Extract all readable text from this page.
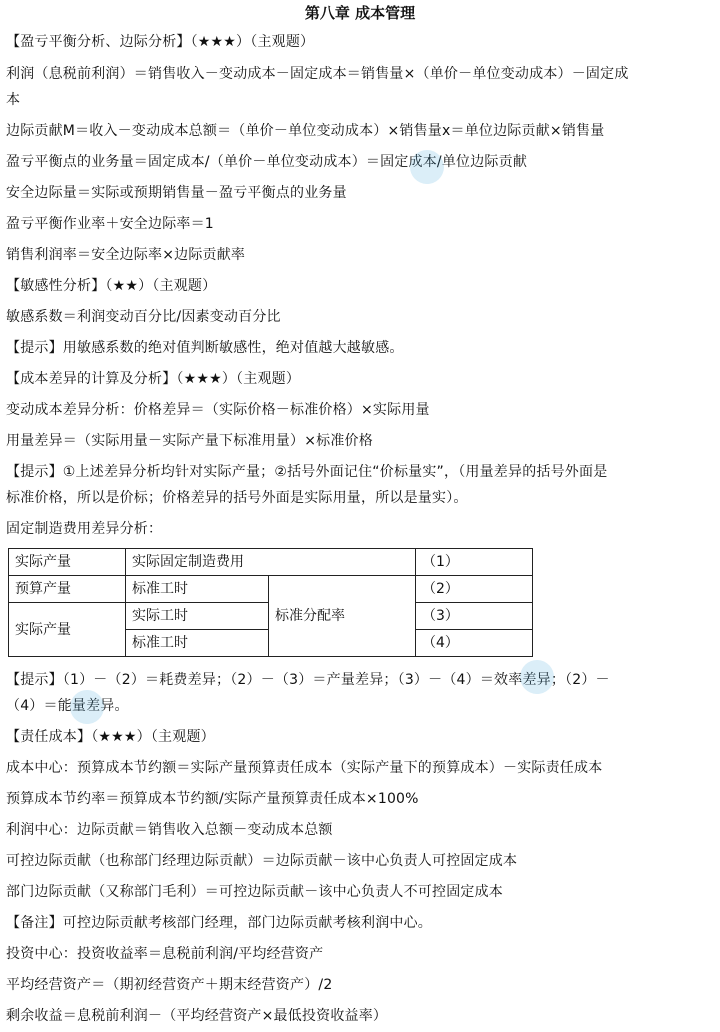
第八章 成本管理
【盈亏平衡分析、边际分析】（★★★）（主观题）
利润（息税前利润）＝销售收入－变动成本－固定成本＝销售量×（单价－单位变动成本）－固定成
本
边际贡献M＝收入－变动成本总额＝（单价－单位变动成本）×销售量x＝单位边际贡献×销售量
盈亏平衡点的业务量＝固定成本/（单价－单位变动成本）＝固定成本/单位边际贡献
安全边际量＝实际或预期销售量－盈亏平衡点的业务量
盈亏平衡作业率＋安全边际率＝1
销售利润率＝安全边际率×边际贡献率
【敏感性分析】（★★）（主观题）
敏感系数＝利润变动百分比/因素变动百分比
【提示】用敏感系数的绝对值判断敏感性，绝对值越大越敏感。
【成本差异的计算及分析】（★★★）（主观题）
变动成本差异分析：价格差异＝（实际价格－标准价格）×实际用量
用量差异＝（实际用量－实际产量下标准用量）×标准价格
【提示】①上述差异分析均针对实际产量；②括号外面记住“价标量实”，（用量差异的括号外面是
标准价格，所以是价标；价格差异的括号外面是实际用量，所以是量实）。
固定制造费用差异分析：
实际产量	实际固定制造费用		（1）
预算产量	标准工时	标准分配率	（2）
实际产量	实际工时		（3）
	标准工时		（4）
【提示】（1）－（2）＝耗费差异；（2）－（3）＝产量差异；（3）－（4）＝效率差异；（2）－
（4）＝能量差异。
【责任成本】（★★★）（主观题）
成本中心：预算成本节约额＝实际产量预算责任成本（实际产量下的预算成本）－实际责任成本
预算成本节约率＝预算成本节约额/实际产量预算责任成本×100%
利润中心：边际贡献＝销售收入总额－变动成本总额
可控边际贡献（也称部门经理边际贡献）＝边际贡献－该中心负责人可控固定成本
部门边际贡献（又称部门毛利）＝可控边际贡献－该中心负责人不可控固定成本
【备注】可控边际贡献考核部门经理，部门边际贡献考核利润中心。
投资中心：投资收益率＝息税前利润/平均经营资产
平均经营资产＝（期初经营资产＋期末经营资产）/2
剩余收益＝息税前利润－（平均经营资产×最低投资收益率）
